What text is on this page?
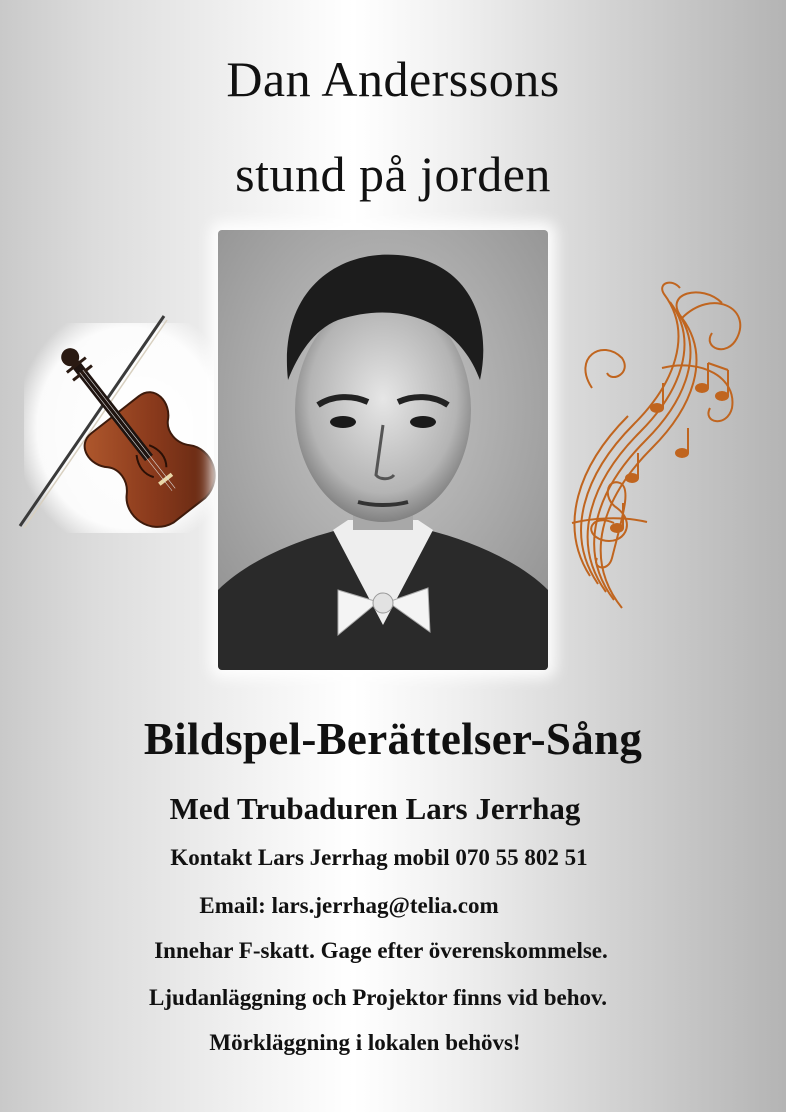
Dan Anderssons
stund på jorden

Bildspel-Berättelser-Sång

Med Trubaduren Lars Jerrhag

Kontakt Lars Jerrhag mobil 070 55 802 51

Email: lars.jerrhag@telia.com

Innehar F-skatt. Gage efter överenskommelse.

Ljudanläggning och Projektor finns vid behov.

Mörkläggning i lokalen behövs!
